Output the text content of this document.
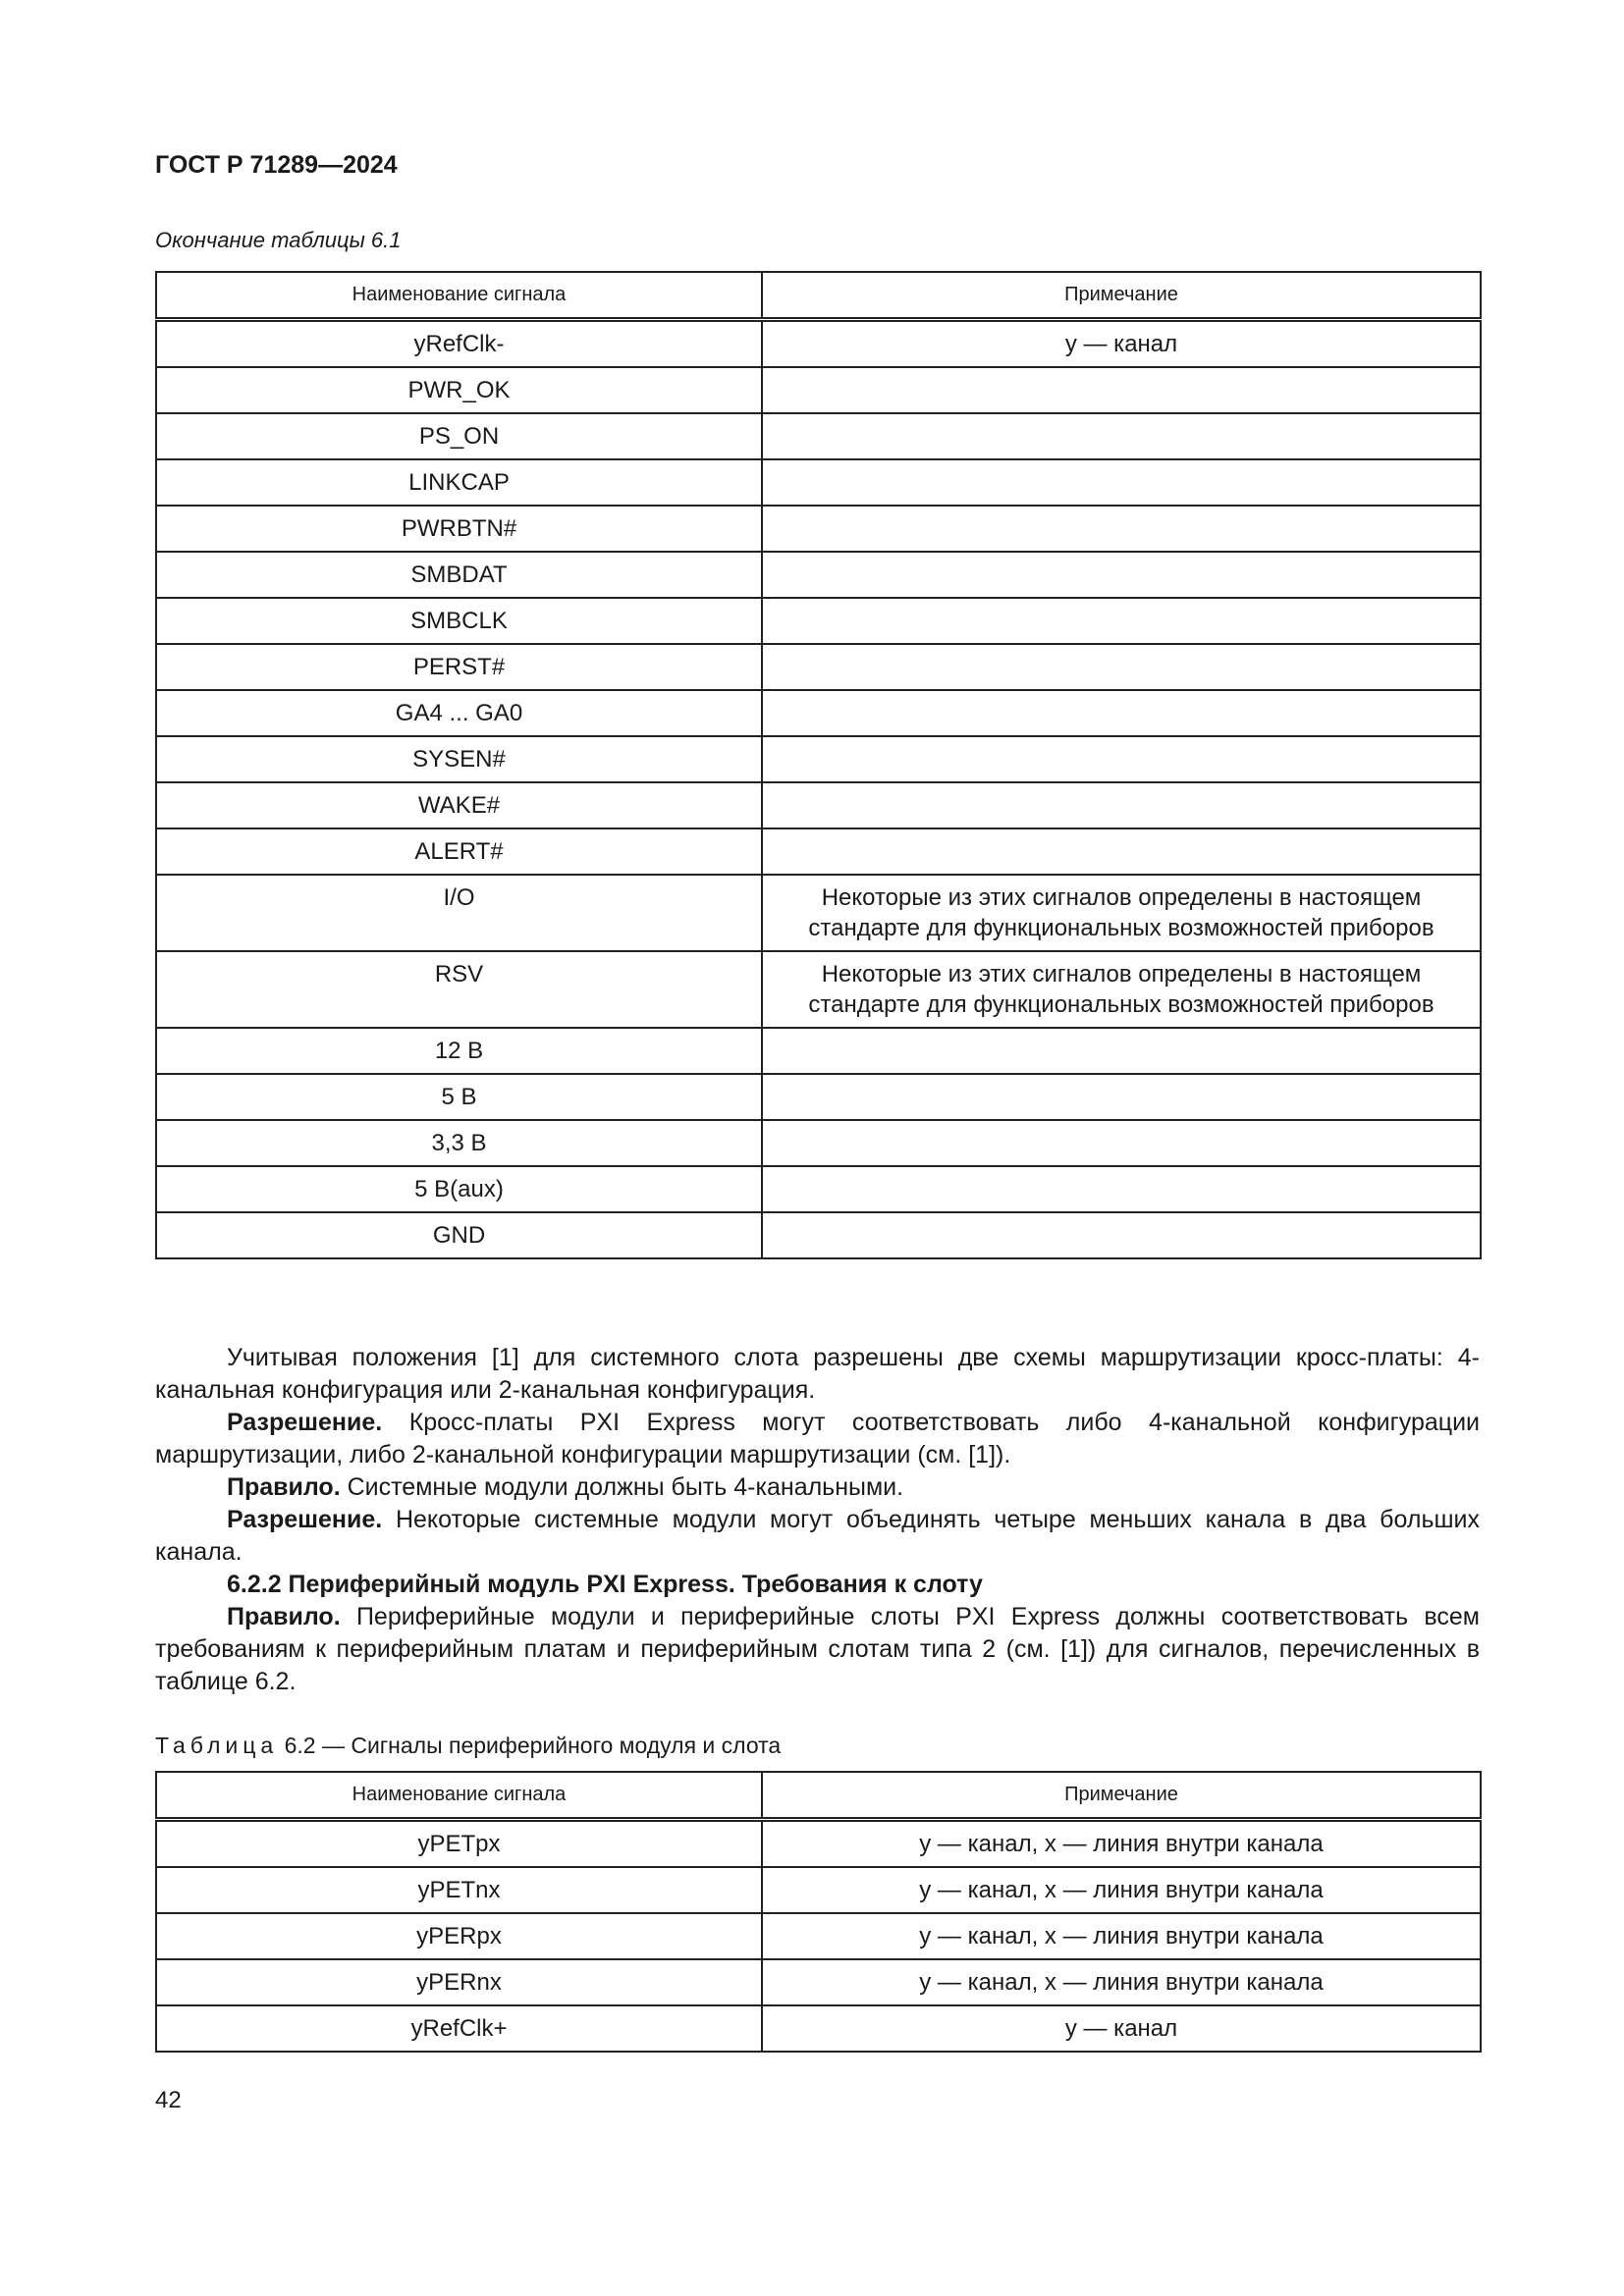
ГОСТ Р 71289—2024
Окончание таблицы 6.1
Наименование сигнала	Примечание
yRefClk-	y — канал
PWR_OK	
PS_ON	
LINKCAP	
PWRBTN#	
SMBDAT	
SMBCLK	
PERST#	
GA4 ... GA0	
SYSEN#	
WAKE#	
ALERT#	
I/O	Некоторые из этих сигналов определены в настоящем стандарте для функциональных возможностей приборов
RSV	Некоторые из этих сигналов определены в настоящем стандарте для функциональных возможностей приборов
12 В	
5 В	
3,3 В	
5 В(aux)	
GND	

Учитывая положения [1] для системного слота разрешены две схемы маршрутизации кросс-платы: 4-канальная конфигурация или 2-канальная конфигурация.

Разрешение. Кросс-платы PXI Express могут соответствовать либо 4-канальной конфигурации маршрутизации, либо 2-канальной конфигурации маршрутизации (см. [1]).

Правило. Системные модули должны быть 4-канальными.

Разрешение. Некоторые системные модули могут объединять четыре меньших канала в два больших канала.

6.2.2 Периферийный модуль PXI Express. Требования к слоту

Правило. Периферийные модули и периферийные слоты PXI Express должны соответствовать всем требованиям к периферийным платам и периферийным слотам типа 2 (см. [1]) для сигналов, перечисленных в таблице 6.2.

Таблица 6.2 — Сигналы периферийного модуля и слота
Наименование сигнала	Примечание
yPETpx	y — канал, x — линия внутри канала
yPETnx	y — канал, x — линия внутри канала
yPERpx	y — канал, x — линия внутри канала
yPERnx	y — канал, x — линия внутри канала
yRefClk+	y — канал
42
